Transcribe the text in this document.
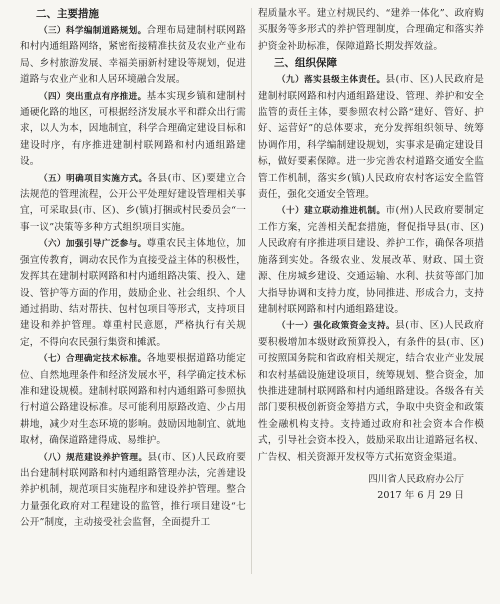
二、主要措施

（三）科学编制道路规划。合理布局建制村联网路和村内通组路网络，紧密衔接精准扶贫及农业产业布局、乡村旅游发展、幸福美丽新村建设等规划，促进道路与农业产业和人居环境融合发展。

（四）突出重点有序推进。基本实现乡镇和建制村通硬化路的地区，可根据经济发展水平和群众出行需求，以人为本，因地制宜，科学合理确定建设目标和建设时序，有序推进建制村联网路和村内通组路建设。

（五）明确项目实施方式。各县(市、区)要建立合法规范的管理流程，公开公平处理好建设管理相关事宜，可采取县(市、区)、乡(镇)打捆或村民委员会“一事一议”决策等多种方式组织项目实施。

（六）加强引导广泛参与。尊重农民主体地位，加强宣传教育，调动农民作为直接受益主体的积极性，发挥其在建制村联网路和村内通组路决策、投入、建设、管护等方面的作用，鼓励企业、社会组织、个人通过捐助、结对帮扶、包村包项目等形式，支持项目建设和养护管理。尊重村民意愿，严格执行有关规定，不得向农民强行集资和摊派。

（七）合理确定技术标准。各地要根据道路功能定位、自然地理条件和经济发展水平，科学确定技术标准和建设规模。建制村联网路和村内通组路可参照执行村道公路建设标准。尽可能利用原路改造、少占用耕地，减少对生态环境的影响。鼓励因地制宜、就地取材，确保道路建得成、易维护。

（八）规范建设养护管理。县(市、区)人民政府要出台建制村联网路和村内通组路管理办法，完善建设养护机制，规范项目实施程序和建设养护管理。整合力量强化政府对工程建设的监管，推行项目建设“七公开”制度，主动接受社会监督，全面提升工

程质量水平。建立村规民约、“建养一体化”、政府购买服务等多形式的养护管理制度，合理确定和落实养护资金补助标准，保障道路长期发挥效益。

三、组织保障

（九）落实县级主体责任。县(市、区)人民政府是建制村联网路和村内通组路建设、管理、养护和安全监管的责任主体，要参照农村公路“建好、管好、护好、运营好”的总体要求，充分发挥组织领导、统筹协调作用，科学编制建设规划，实事求是确定建设目标，做好要素保障。进一步完善农村道路交通安全监管工作机制，落实乡(镇)人民政府农村客运安全监管责任，强化交通安全管理。

（十）建立联动推进机制。市(州)人民政府要制定工作方案，完善相关配套措施，督促指导县(市、区)人民政府有序推进项目建设、养护工作，确保各项措施落到实处。各级农业、发展改革、财政、国土资源、住房城乡建设、交通运输、水利、扶贫等部门加大指导协调和支持力度，协同推进、形成合力，支持建制村联网路和村内通组路建设。

（十一）强化政策资金支持。县(市、区)人民政府要积极增加本级财政预算投入，有条件的县(市、区)可按照国务院和省政府相关规定，结合农业产业发展和农村基础设施建设项目，统筹规划、整合资金，加快推进建制村联网路和村内通组路建设。各级各有关部门要积极创新资金筹措方式，争取中央资金和政策性金融机构支持。支持通过政府和社会资本合作模式，引导社会资本投入，鼓励采取出让道路冠名权、广告权、相关资源开发权等方式拓宽资金渠道。

四川省人民政府办公厅
2017 年 6 月 29 日
